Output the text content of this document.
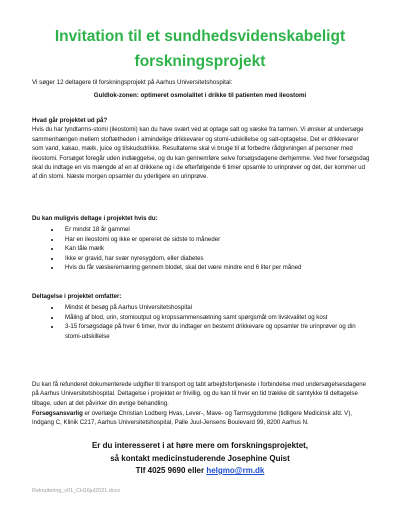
Invitation til et sundhedsvidenskabeligt
forskningsprojekt
Vi søger 12 deltagere til forskningsprojekt på Aarhus Universitetshospital:
Guldlok-zonen: optimeret osmolalitet i drikke til patienten med ileostomi
Hvad går projektet ud på?
Hvis du har tyndtarms-stomi (ileostomi) kan du have svært ved at optage salt og væske fra tarmen. Vi ønsker at undersøge sammenhængen mellem stoftætheden i almindelige drikkevarer og stomi-udskillelse og salt-optagelse. Det er drikkevarer som vand, kakao, mælk, juice og tilskudsdrikke. Resultaterne skal vi bruge til at forbedre rådgivningen af personer med ileostomi. Forsøget foregår uden indlæggelse, og du kan gennemføre selve forsøgsdagene derhjemme. Ved hver forsøgsdag skal du indtage en vis mængde af en af drikkene og i de efterfølgende 6 timer opsamle to urinprøver og det, der kommer ud af din stomi. Næste morgen opsamler du yderligere en urinprøve.
Du kan muligvis deltage i projektet hvis du:
• Er mindst 18 år gammel
• Har en ileostomi og ikke er opereret de sidste to måneder
• Kan tåle mælk
• Ikke er gravid, har svær nyresygdom, eller diabetes
• Hvis du får væske/ernæring gennem blodet, skal det være mindre end 6 liter per måned
Deltagelse i projektet omfatter:
• Mindst ét besøg på Aarhus Universitetshospital
• Måling af blod, urin, stomioutput og kropssammensætning samt spørgsmål om livskvalitet og kost
• 3-15 forsøgsdage på hver 6 timer, hvor du indtager en bestemt drikkevare og opsamler tre urinprøver og din stomi-udskillelse
Du kan få refunderet dokumenterede udgifter til transport og tabt arbejdsfortjeneste i forbindelse med undersøgelsesdagene på Aarhus Universitetshospital. Deltagelse i projektet er frivillig, og du kan til hver en tid trække dit samtykke til deltagelse tilbage, uden at det påvirker din øvrige behandling.
Forsøgsansvarlig er overlæge Christian Lodberg Hvas, Lever-, Mave- og Tarmsygdomme (tidligere Medicinsk afd. V), Indgang C, Klinik C217, Aarhus Universitetshospital, Palle Juul-Jensens Boulevard 99, 8200 Aarhus N.
Er du interesseret i at høre mere om forskningsprojektet,
så kontakt medicinstuderende Josephine Quist
Tlf 4025 9690 eller helgmo@rm.dk
Rekruttering_v01_CH16jul2021.docx
